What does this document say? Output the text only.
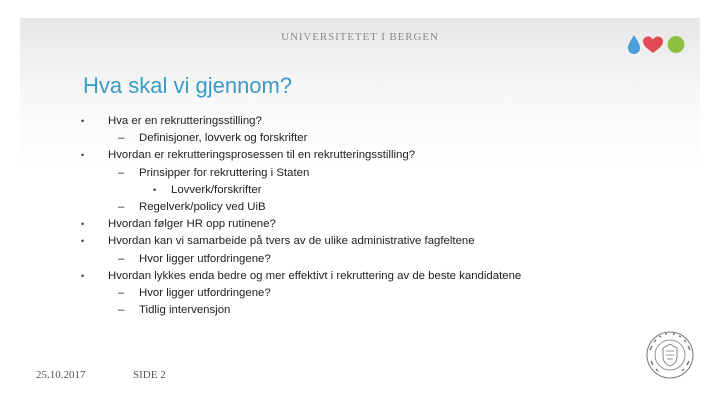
UNIVERSITETET I BERGEN
Hva skal vi gjennom?
• Hva er en rekrutteringsstilling?
– Definisjoner, lovverk og forskrifter
• Hvordan er rekrutteringsprosessen til en rekrutteringsstilling?
– Prinsipper for rekruttering i Staten
• Lovverk/forskrifter
– Regelverk/policy ved UiB
• Hvordan følger HR opp rutinene?
• Hvordan kan vi samarbeide på tvers av de ulike administrative fagfeltene
– Hvor ligger utfordringene?
• Hvordan lykkes enda bedre og mer effektivt i rekruttering av de beste kandidatene
– Hvor ligger utfordringene?
– Tidlig intervensjon
25.10.2017	SIDE 2
